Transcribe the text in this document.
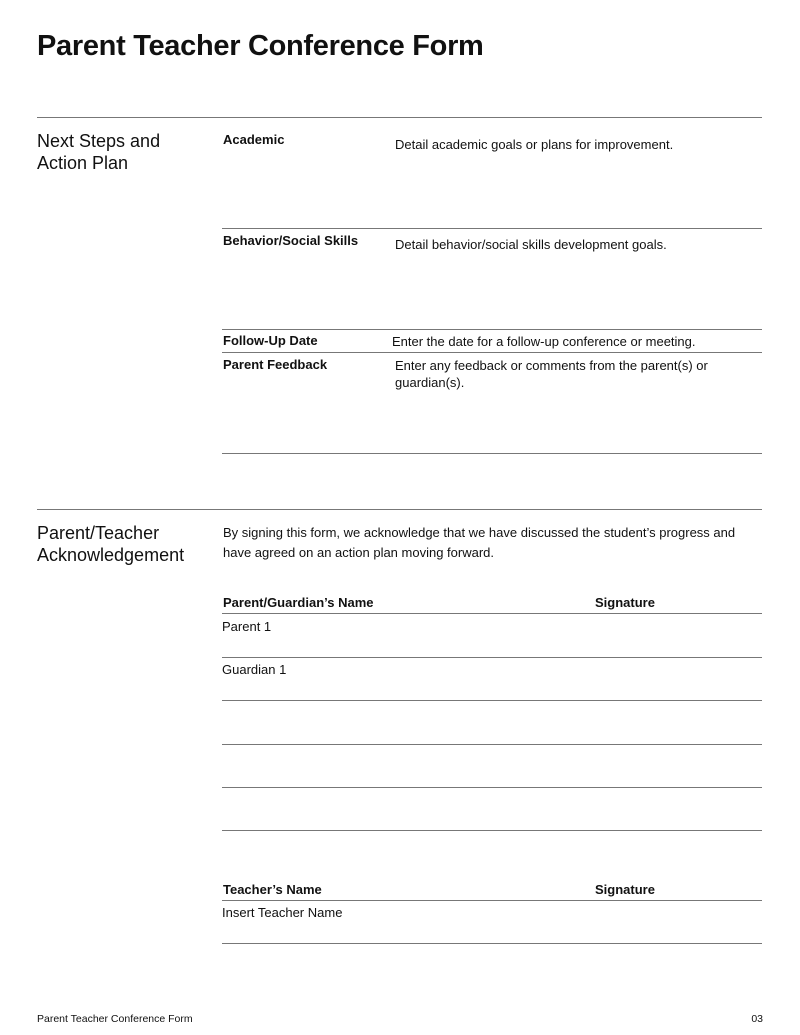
Parent Teacher Conference Form
Next Steps and Action Plan
Academic	Detail academic goals or plans for improvement.
Behavior/Social Skills	Detail behavior/social skills development goals.
Follow-Up Date	Enter the date for a follow-up conference or meeting.
Parent Feedback	Enter any feedback or comments from the parent(s) or guardian(s).
Parent/Teacher Acknowledgement
By signing this form, we acknowledge that we have discussed the student’s progress and have agreed on an action plan moving forward.
Parent/Guardian’s Name	Signature
Parent 1
Guardian 1
Teacher’s Name	Signature
Insert Teacher Name
Parent Teacher Conference Form	03
